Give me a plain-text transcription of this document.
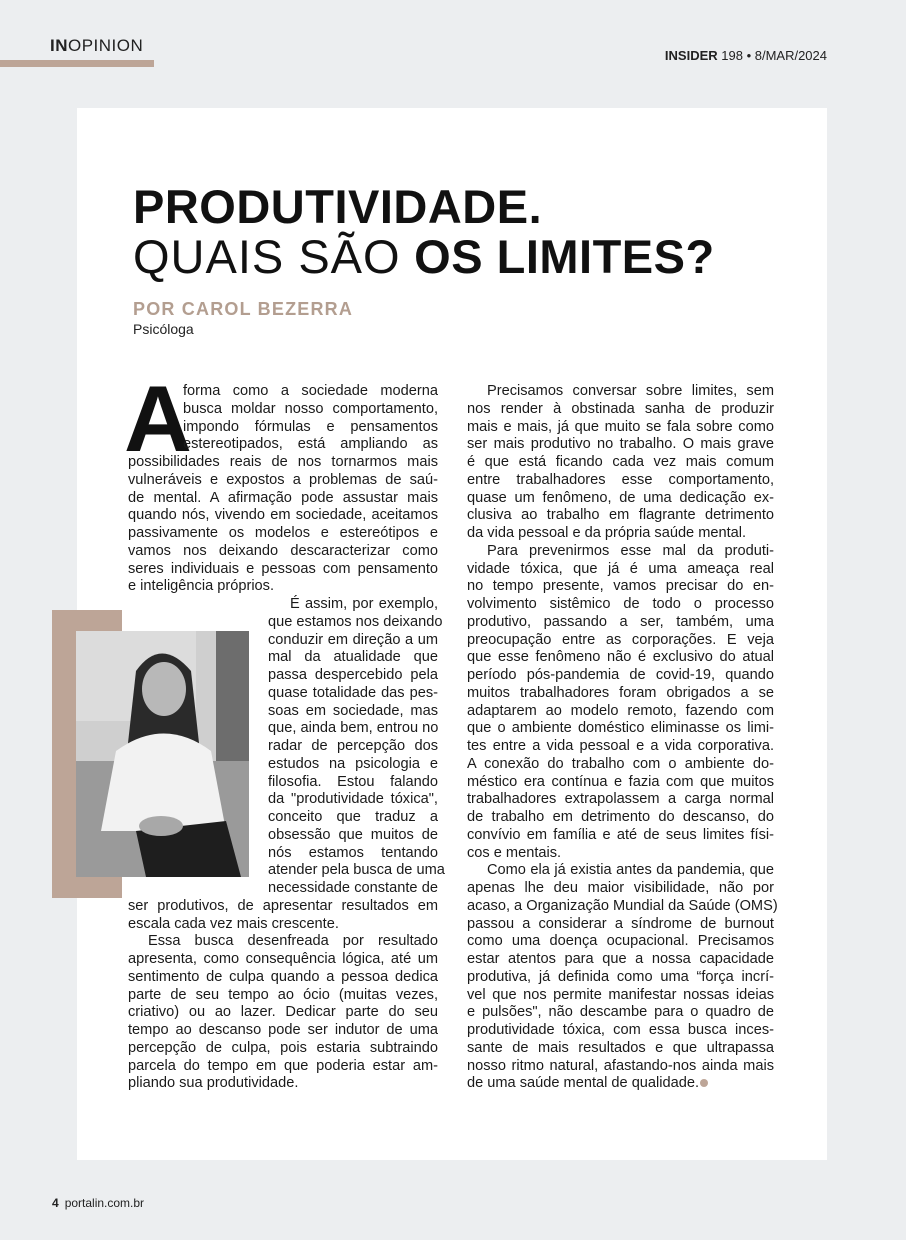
INOPINION
INSIDER 198 • 8/MAR/2024
PRODUTIVIDADE.
QUAIS SÃO OS LIMITES?
POR CAROL BEZERRA
Psicóloga
A
forma como a sociedade moderna
busca moldar nosso comportamento,
impondo fórmulas e pensamentos
estereotipados, está ampliando as
possibilidades reais de nos tornarmos mais
vulneráveis e expostos a problemas de saú-
de mental. A afirmação pode assustar mais
quando nós, vivendo em sociedade, aceitamos
passivamente os modelos e estereótipos e
vamos nos deixando descaracterizar como
seres individuais e pessoas com pensamento
e inteligência próprios.
É assim, por exemplo,
que estamos nos deixando
conduzir em direção a um
mal da atualidade que
passa despercebido pela
quase totalidade das pes-
soas em sociedade, mas
que, ainda bem, entrou no
radar de percepção dos
estudos na psicologia e
filosofia. Estou falando
da "produtividade tóxica",
conceito que traduz a
obsessão que muitos de
nós estamos tentando
atender pela busca de uma
necessidade constante de
ser produtivos, de apresentar resultados em
escala cada vez mais crescente.
Essa busca desenfreada por resultado
apresenta, como consequência lógica, até um
sentimento de culpa quando a pessoa dedica
parte de seu tempo ao ócio (muitas vezes,
criativo) ou ao lazer. Dedicar parte do seu
tempo ao descanso pode ser indutor de uma
percepção de culpa, pois estaria subtraindo
parcela do tempo em que poderia estar am-
pliando sua produtividade.
Precisamos conversar sobre limites, sem
nos render à obstinada sanha de produzir
mais e mais, já que muito se fala sobre como
ser mais produtivo no trabalho. O mais grave
é que está ficando cada vez mais comum
entre trabalhadores esse comportamento,
quase um fenômeno, de uma dedicação ex-
clusiva ao trabalho em flagrante detrimento
da vida pessoal e da própria saúde mental.
Para prevenirmos esse mal da produti-
vidade tóxica, que já é uma ameaça real
no tempo presente, vamos precisar do en-
volvimento sistêmico de todo o processo
produtivo, passando a ser, também, uma
preocupação entre as corporações. E veja
que esse fenômeno não é exclusivo do atual
período pós-pandemia de covid-19, quando
muitos trabalhadores foram obrigados a se
adaptarem ao modelo remoto, fazendo com
que o ambiente doméstico eliminasse os limi-
tes entre a vida pessoal e a vida corporativa.
A conexão do trabalho com o ambiente do-
méstico era contínua e fazia com que muitos
trabalhadores extrapolassem a carga normal
de trabalho em detrimento do descanso, do
convívio em família e até de seus limites físi-
cos e mentais.
Como ela já existia antes da pandemia, que
apenas lhe deu maior visibilidade, não por
acaso, a Organização Mundial da Saúde (OMS)
passou a considerar a síndrome de burnout
como uma doença ocupacional. Precisamos
estar atentos para que a nossa capacidade
produtiva, já definida como uma “força incrí-
vel que nos permite manifestar nossas ideias
e pulsões", não descambe para o quadro de
produtividade tóxica, com essa busca inces-
sante de mais resultados e que ultrapassa
nosso ritmo natural, afastando-nos ainda mais
de uma saúde mental de qualidade.
4 portalin.com.br
